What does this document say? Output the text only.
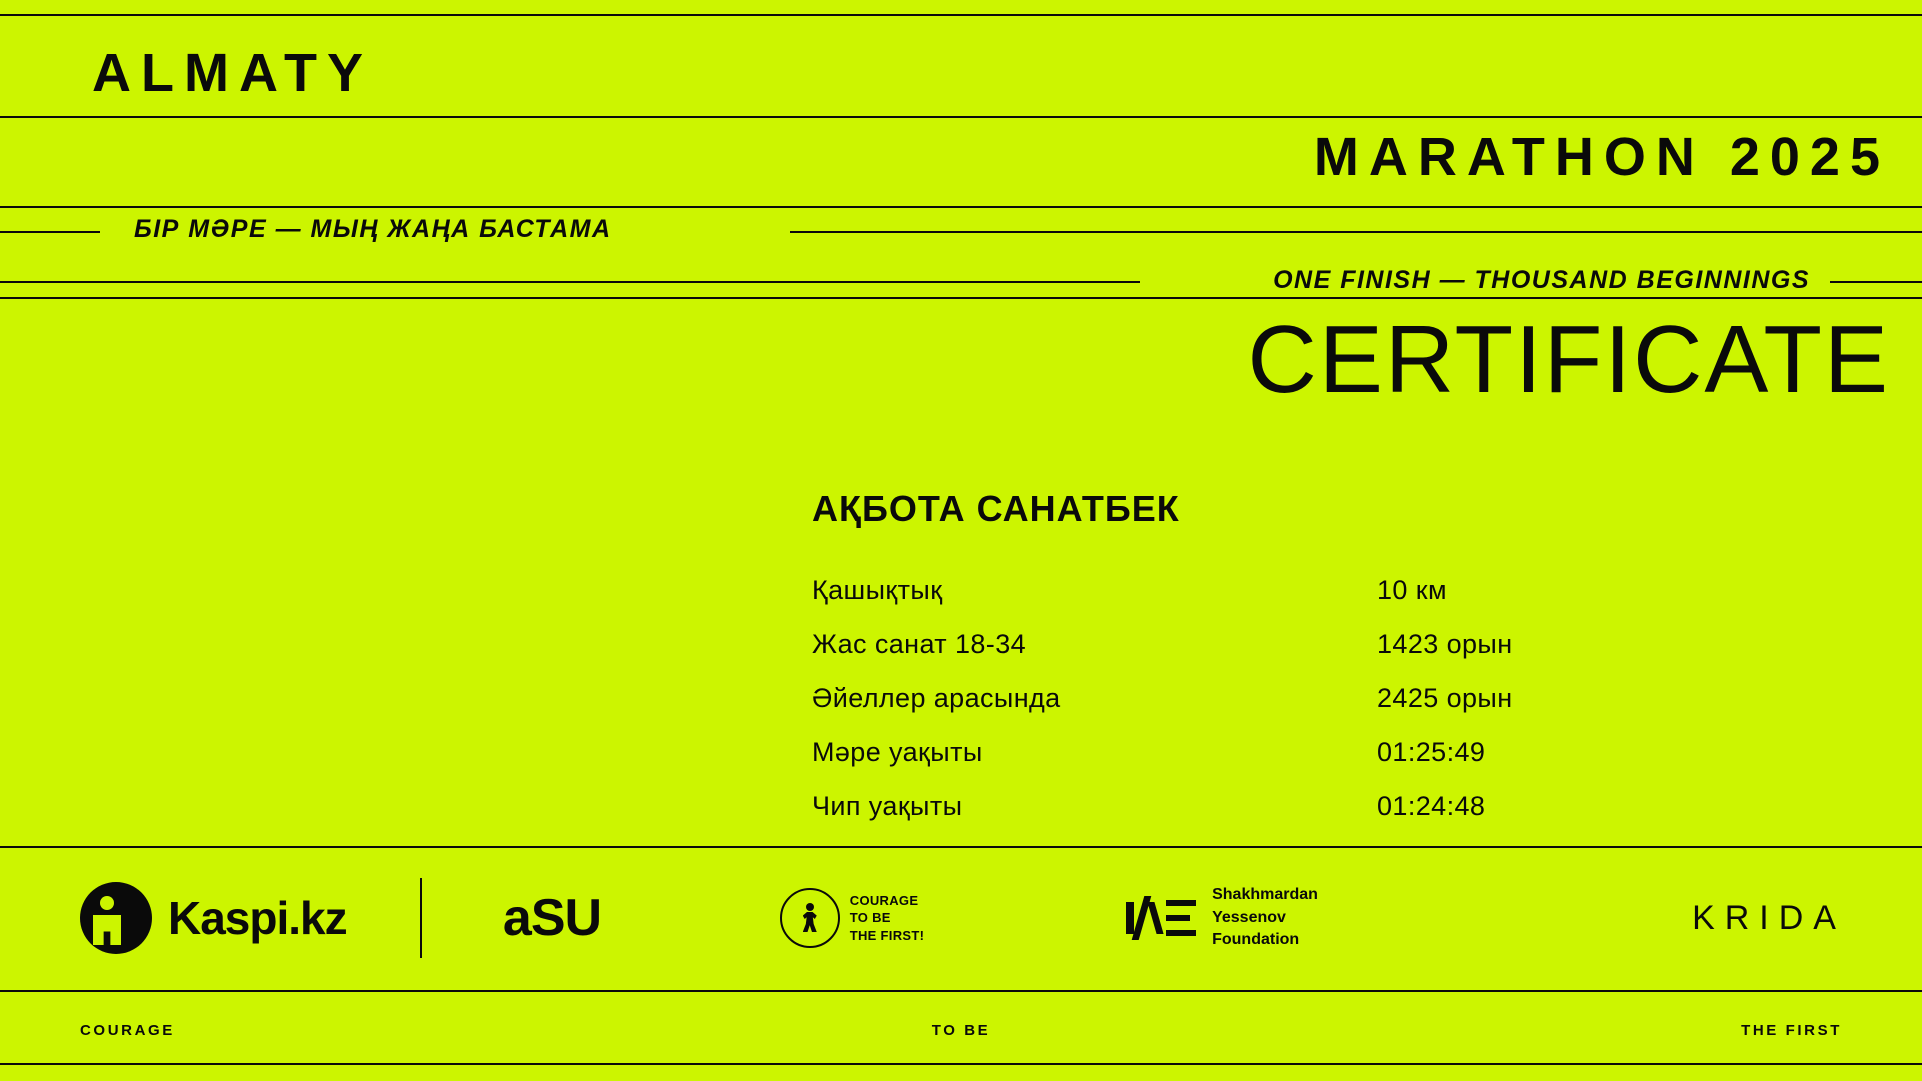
ALMATY
MARATHON 2025
БІР МӘРЕ — МЫҢ ЖАҢА БАСТАМА
ONE FINISH — THOUSAND BEGINNINGS
CERTIFICATE
АҚБОТА САНАТБЕК
Қашықтық	10 км
Жас санат 18-34	1423 орын
Әйеллер арасында	2425 орын
Мәре уақыты	01:25:49
Чип уақыты	01:24:48
Kaspi.kz	aSU	COURAGE
TO BE
THE FIRST!
Shakhmardan
Yessenov
Foundation
KRIDA
COURAGE	TO BE	THE FIRST
